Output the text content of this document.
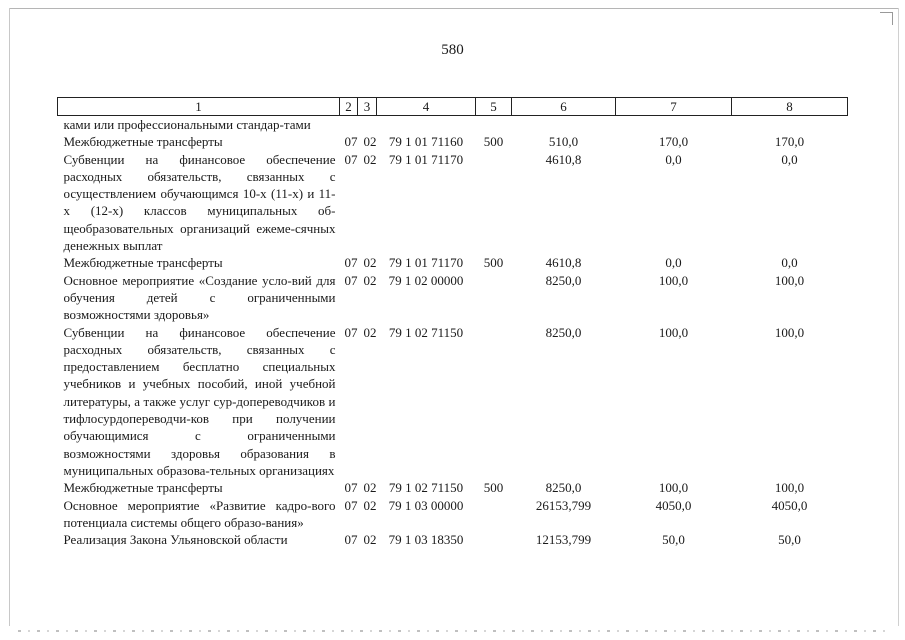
580
1	2	3	4	5	6	7	8
ками или профессиональными стандар-тами							
Межбюджетные трансферты	07	02	79 1 01 71160	500	510,0	170,0	170,0
Субвенции на финансовое обеспечение расходных обязательств, связанных с осуществлением обучающимся 10-х (11-х) и 11-х (12-х) классов муниципальных об-щеобразовательных организаций ежеме-сячных денежных выплат	07	02	79 1 01 71170		4610,8	0,0	0,0
Межбюджетные трансферты	07	02	79 1 01 71170	500	4610,8	0,0	0,0
Основное мероприятие «Создание усло-вий для обучения детей с ограниченными возможностями здоровья»	07	02	79 1 02 00000		8250,0	100,0	100,0
Субвенции на финансовое обеспечение расходных обязательств, связанных с предоставлением бесплатно специальных учебников и учебных пособий, иной учебной литературы, а также услуг сур-допереводчиков и тифлосурдопереводчи-ков при получении обучающимися с ограниченными возможностями здоровья образования в муниципальных образова-тельных организациях	07	02	79 1 02 71150		8250,0	100,0	100,0
Межбюджетные трансферты	07	02	79 1 02 71150	500	8250,0	100,0	100,0
Основное мероприятие «Развитие кадро-вого потенциала системы общего образо-вания»	07	02	79 1 03 00000		26153,799	4050,0	4050,0
Реализация Закона Ульяновской области	07	02	79 1 03 18350		12153,799	50,0	50,0
